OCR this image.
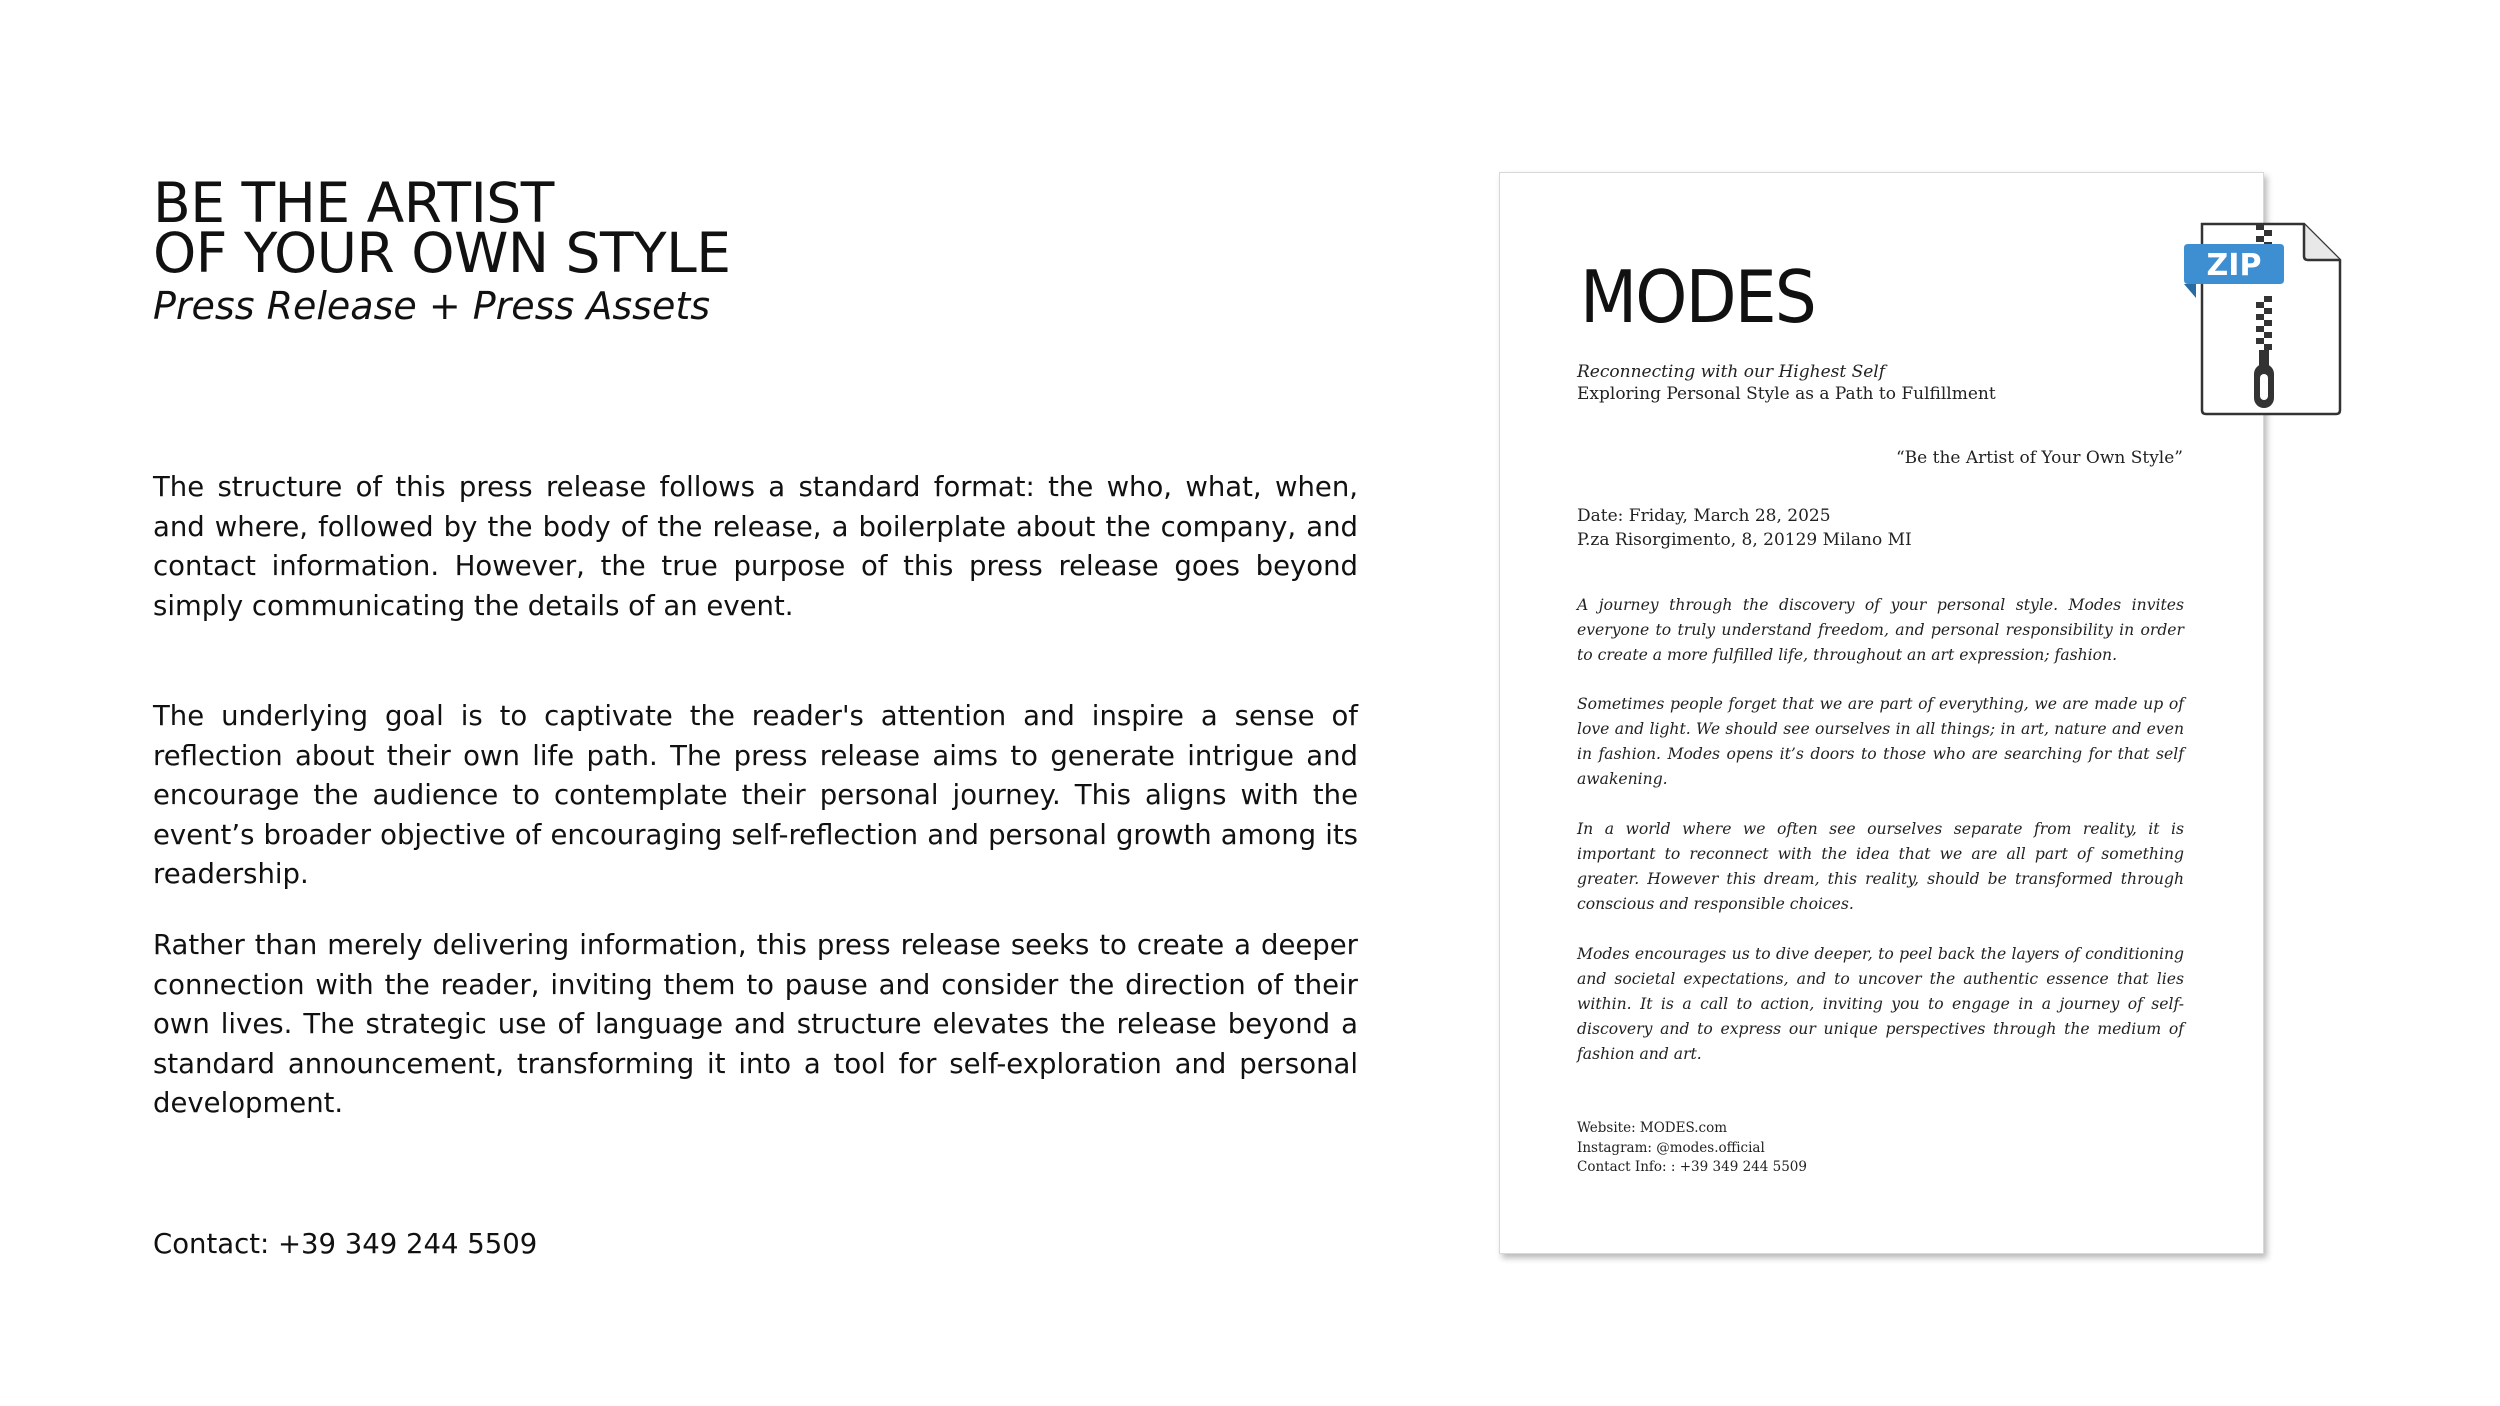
BE THE ARTIST
OF YOUR OWN STYLE
Press Release + Press Assets

The structure of this press release follows a standard format: the who, what, when, and where, followed by the body of the release, a boilerplate about the company, and contact information. However, the true purpose of this press release goes beyond simply communicating the details of an event.

The underlying goal is to captivate the reader's attention and inspire a sense of reflection about their own life path. The press release aims to generate intrigue and encourage the audience to contemplate their personal journey. This aligns with the event’s broader objective of encouraging self-reflection and personal growth among its readership.

Rather than merely delivering information, this press release seeks to create a deeper connection with the reader, inviting them to pause and consider the direction of their own lives. The strategic use of language and structure elevates the release beyond a standard announcement, transforming it into a tool for self-exploration and personal development.

Contact: +39 349 244 5509
MODES
Reconnecting with our Highest Self
Exploring Personal Style as a Path to Fulfillment
“Be the Artist of Your Own Style”
Date: Friday, March 28, 2025
P.za Risorgimento, 8, 20129 Milano MI

A journey through the discovery of your personal style. Modes invites everyone to truly understand freedom, and personal responsibility in order to create a more fulfilled life, throughout an art expression; fashion.

Sometimes people forget that we are part of everything, we are made up of love and light. We should see ourselves in all things; in art, nature and even in fashion. Modes opens it’s doors to those who are searching for that self awakening.

In a world where we often see ourselves separate from reality, it is important to reconnect with the idea that we are all part of something greater. However this dream, this reality, should be transformed through conscious and responsible choices.

Modes encourages us to dive deeper, to peel back the layers of conditioning and societal expectations, and to uncover the authentic essence that lies within. It is a call to action, inviting you to engage in a journey of self-discovery and to express our unique perspectives through the medium of fashion and art.

Website: MODES.com
Instagram: @modes.official
Contact Info: : +39 349 244 5509
ZIP
